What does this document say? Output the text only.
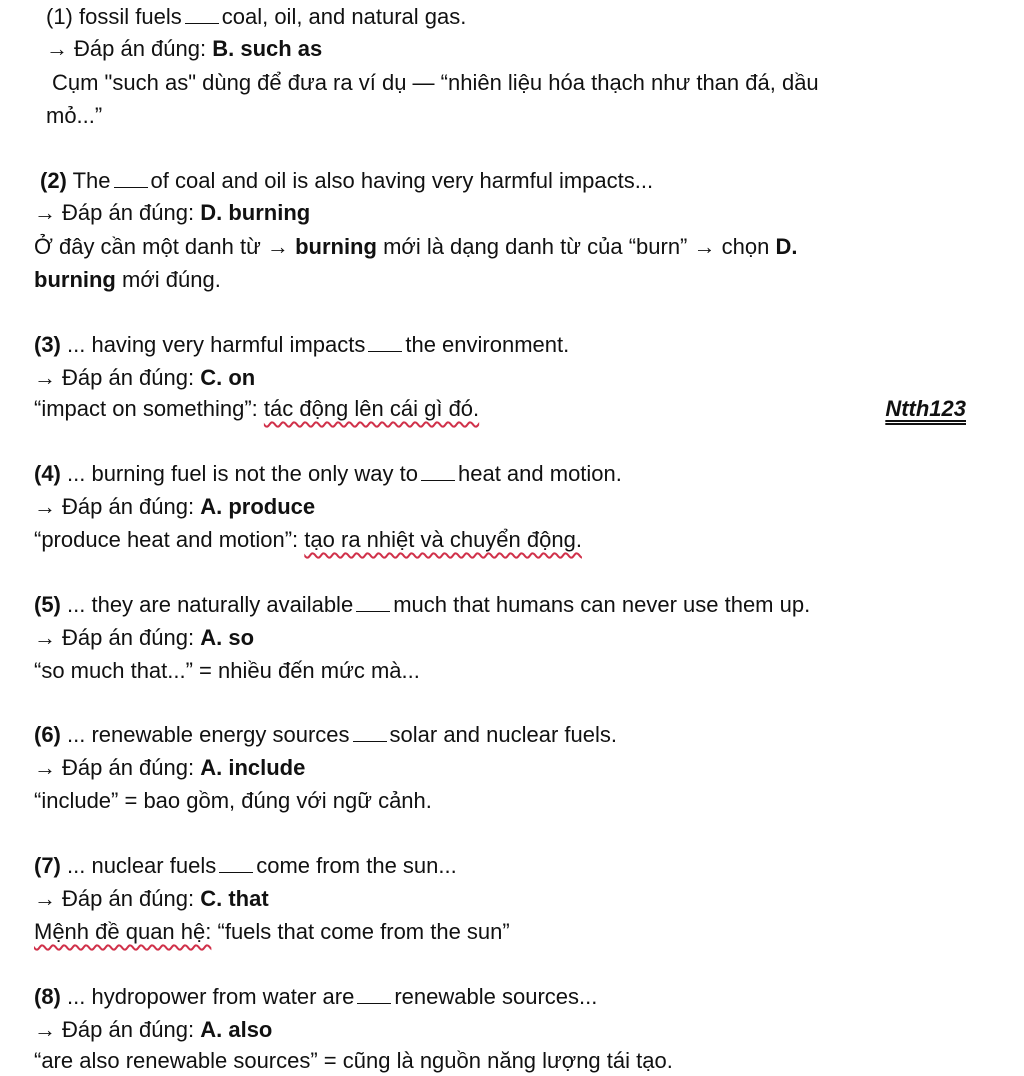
(1) fossil fuels coal, oil, and natural gas.
→ Đáp án đúng: B. such as
Cụm "such as" dùng để đưa ra ví dụ — “nhiên liệu hóa thạch như than đá, dầu
mỏ...”
(2) The of coal and oil is also having very harmful impacts...
→ Đáp án đúng: D. burning
Ở đây cần một danh từ → burning mới là dạng danh từ của “burn” → chọn D.
burning mới đúng.
(3) ... having very harmful impacts the environment.
→ Đáp án đúng: C. on
“impact on something”: tác động lên cái gì đó.	Ntth123
(4) ... burning fuel is not the only way to heat and motion.
→ Đáp án đúng: A. produce
“produce heat and motion”: tạo ra nhiệt và chuyển động.
(5) ... they are naturally available much that humans can never use them up.
→ Đáp án đúng: A. so
“so much that...” = nhiều đến mức mà...
(6) ... renewable energy sources solar and nuclear fuels.
→ Đáp án đúng: A. include
“include” = bao gồm, đúng với ngữ cảnh.
(7) ... nuclear fuels come from the sun...
→ Đáp án đúng: C. that
Mệnh đề quan hệ: “fuels that come from the sun”
(8) ... hydropower from water are renewable sources...
→ Đáp án đúng: A. also
“are also renewable sources” = cũng là nguồn năng lượng tái tạo.
